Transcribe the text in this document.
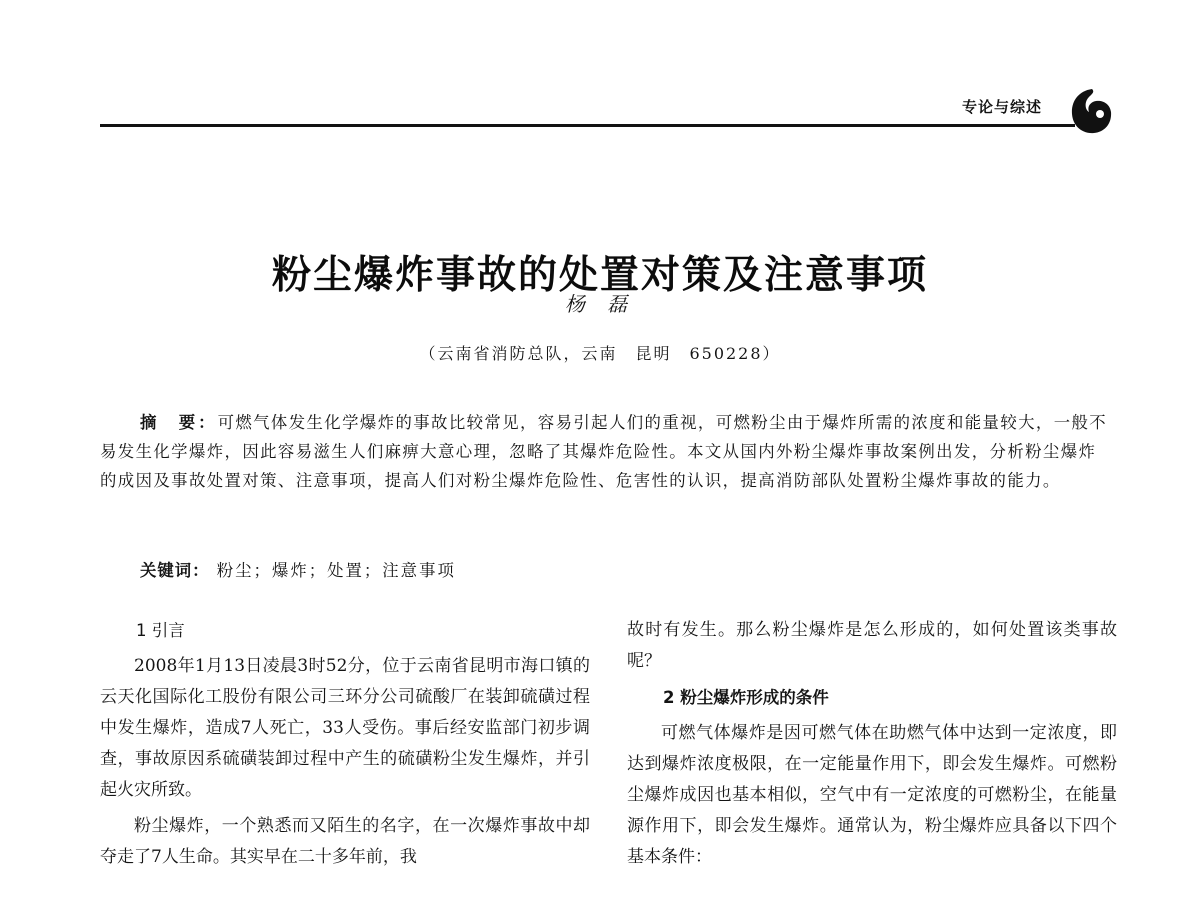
专论与综述
粉尘爆炸事故的处置对策及注意事项
杨 磊
（云南省消防总队，云南　昆明　650228）

摘　要：可燃气体发生化学爆炸的事故比较常见，容易引起人们的重视，可燃粉尘由于爆炸所需的浓度和能量较大，一般不易发生化学爆炸，因此容易滋生人们麻痹大意心理，忽略了其爆炸危险性。本文从国内外粉尘爆炸事故案例出发，分析粉尘爆炸的成因及事故处置对策、注意事项，提高人们对粉尘爆炸危险性、危害性的认识，提高消防部队处置粉尘爆炸事故的能力。

关键词： 粉尘；爆炸；处置；注意事项
1 引言

2008年1月13日凌晨3时52分，位于云南省昆明市海口镇的云天化国际化工股份有限公司三环分公司硫酸厂在装卸硫磺过程中发生爆炸，造成7人死亡，33人受伤。事后经安监部门初步调查，事故原因系硫磺装卸过程中产生的硫磺粉尘发生爆炸，并引起火灾所致。

粉尘爆炸，一个熟悉而又陌生的名字，在一次爆炸事故中却夺走了7人生命。其实早在二十多年前，我

故时有发生。那么粉尘爆炸是怎么形成的，如何处置该类事故呢？

2 粉尘爆炸形成的条件

可燃气体爆炸是因可燃气体在助燃气体中达到一定浓度，即达到爆炸浓度极限，在一定能量作用下，即会发生爆炸。可燃粉尘爆炸成因也基本相似，空气中有一定浓度的可燃粉尘，在能量源作用下，即会发生爆炸。通常认为，粉尘爆炸应具备以下四个基本条件：
